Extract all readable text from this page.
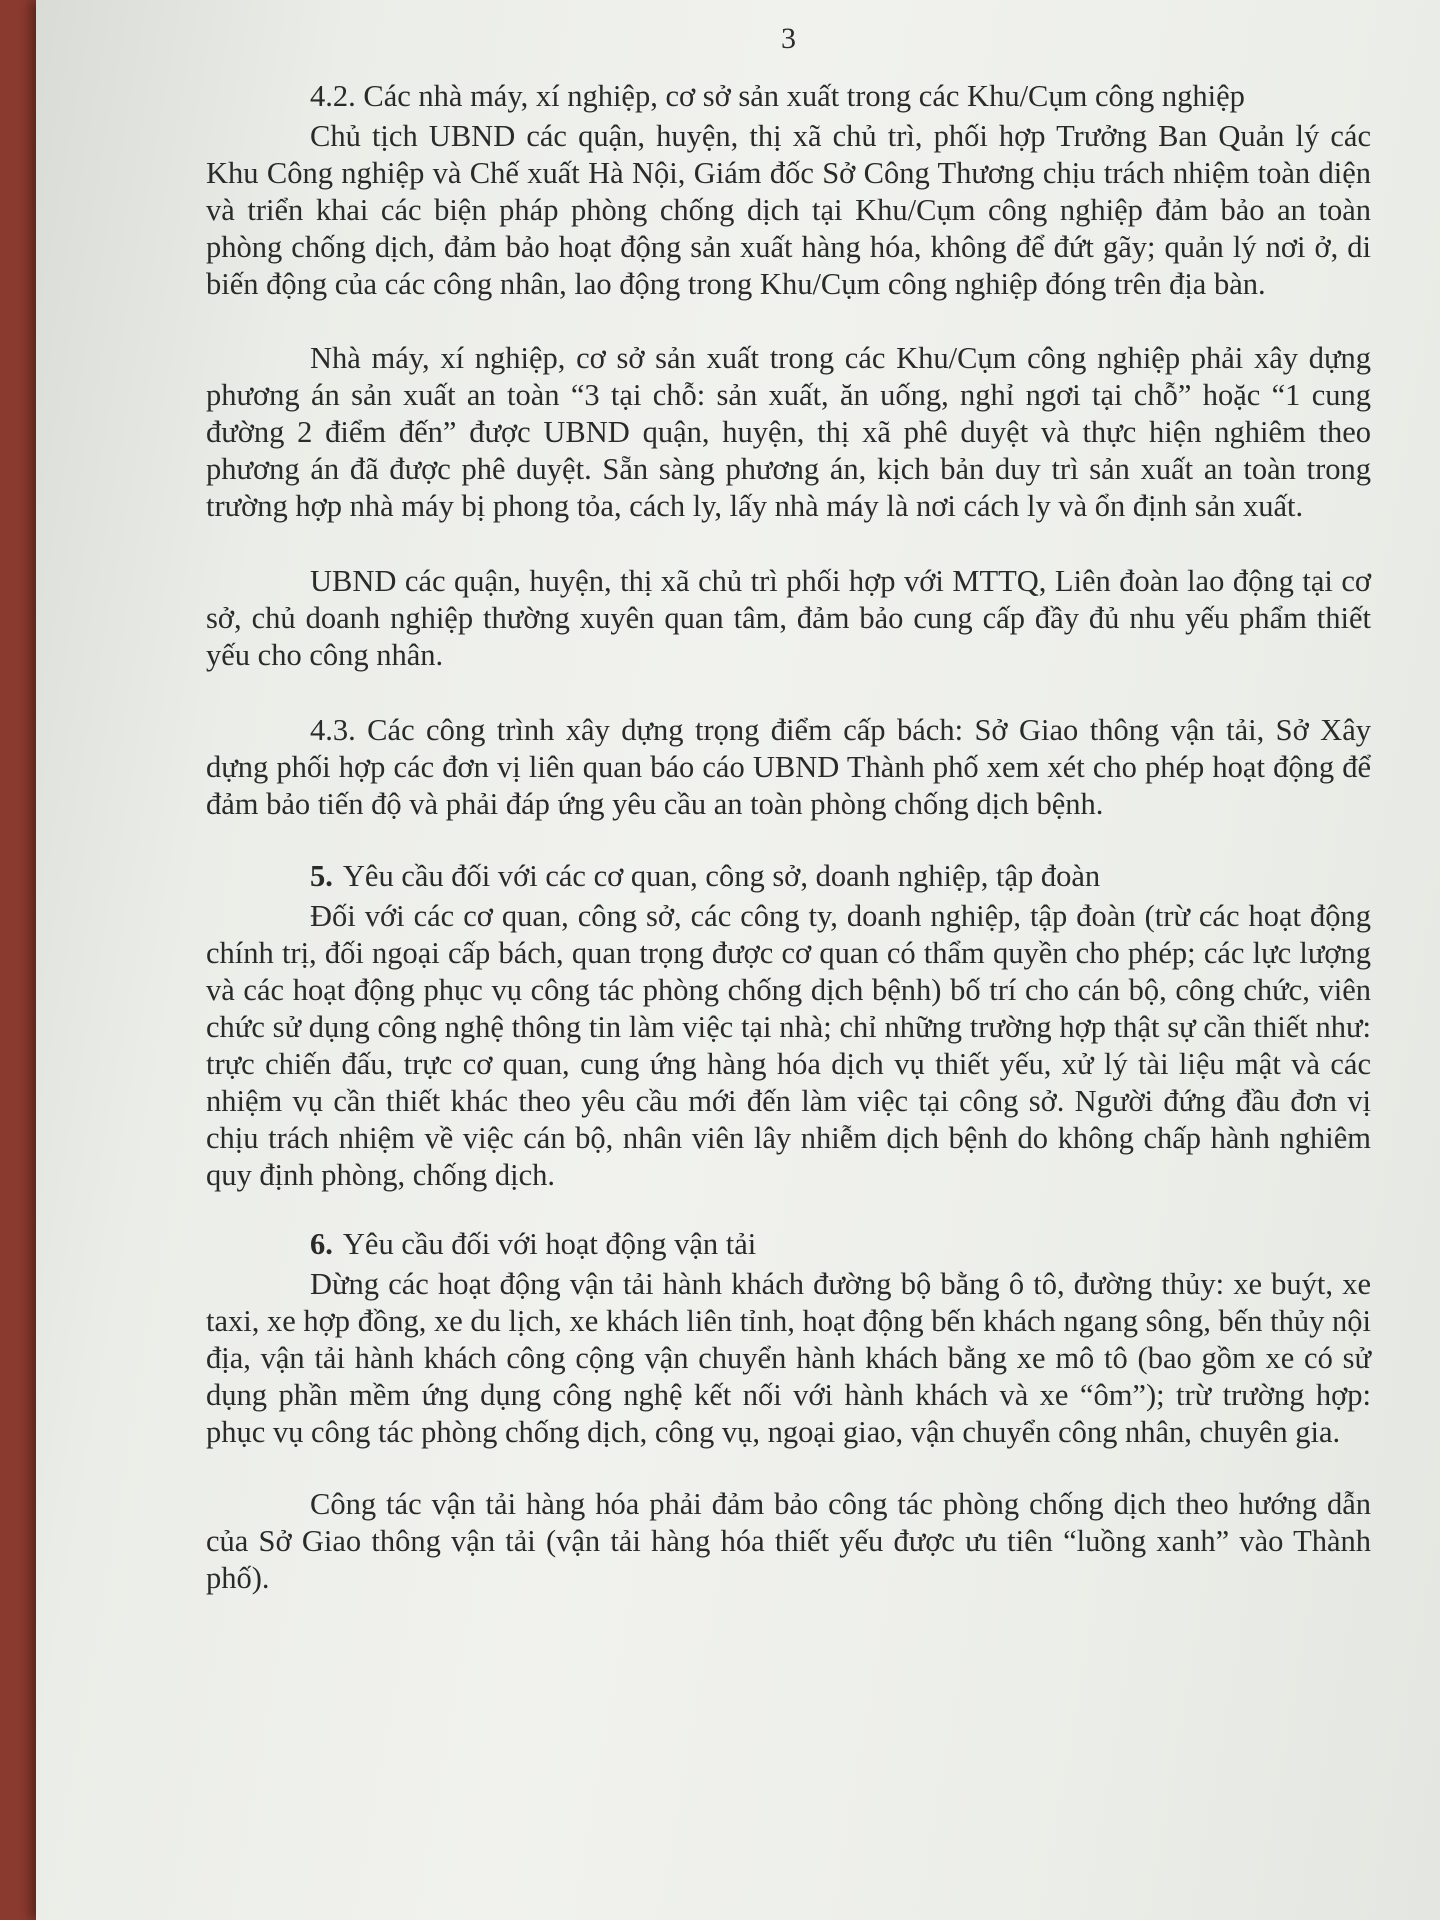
3

4.2. Các nhà máy, xí nghiệp, cơ sở sản xuất trong các Khu/Cụm công nghiệp

Chủ tịch UBND các quận, huyện, thị xã chủ trì, phối hợp Trưởng Ban Quản lý các Khu Công nghiệp và Chế xuất Hà Nội, Giám đốc Sở Công Thương chịu trách nhiệm toàn diện và triển khai các biện pháp phòng chống dịch tại Khu/Cụm công nghiệp đảm bảo an toàn phòng chống dịch, đảm bảo hoạt động sản xuất hàng hóa, không để đứt gãy; quản lý nơi ở, di biến động của các công nhân, lao động trong Khu/Cụm công nghiệp đóng trên địa bàn.

Nhà máy, xí nghiệp, cơ sở sản xuất trong các Khu/Cụm công nghiệp phải xây dựng phương án sản xuất an toàn “3 tại chỗ: sản xuất, ăn uống, nghỉ ngơi tại chỗ” hoặc “1 cung đường 2 điểm đến” được UBND quận, huyện, thị xã phê duyệt và thực hiện nghiêm theo phương án đã được phê duyệt. Sẵn sàng phương án, kịch bản duy trì sản xuất an toàn trong trường hợp nhà máy bị phong tỏa, cách ly, lấy nhà máy là nơi cách ly và ổn định sản xuất.

UBND các quận, huyện, thị xã chủ trì phối hợp với MTTQ, Liên đoàn lao động tại cơ sở, chủ doanh nghiệp thường xuyên quan tâm, đảm bảo cung cấp đầy đủ nhu yếu phẩm thiết yếu cho công nhân.

4.3. Các công trình xây dựng trọng điểm cấp bách: Sở Giao thông vận tải, Sở Xây dựng phối hợp các đơn vị liên quan báo cáo UBND Thành phố xem xét cho phép hoạt động để đảm bảo tiến độ và phải đáp ứng yêu cầu an toàn phòng chống dịch bệnh.

5. Yêu cầu đối với các cơ quan, công sở, doanh nghiệp, tập đoàn

Đối với các cơ quan, công sở, các công ty, doanh nghiệp, tập đoàn (trừ các hoạt động chính trị, đối ngoại cấp bách, quan trọng được cơ quan có thẩm quyền cho phép; các lực lượng và các hoạt động phục vụ công tác phòng chống dịch bệnh) bố trí cho cán bộ, công chức, viên chức sử dụng công nghệ thông tin làm việc tại nhà; chỉ những trường hợp thật sự cần thiết như: trực chiến đấu, trực cơ quan, cung ứng hàng hóa dịch vụ thiết yếu, xử lý tài liệu mật và các nhiệm vụ cần thiết khác theo yêu cầu mới đến làm việc tại công sở. Người đứng đầu đơn vị chịu trách nhiệm về việc cán bộ, nhân viên lây nhiễm dịch bệnh do không chấp hành nghiêm quy định phòng, chống dịch.

6. Yêu cầu đối với hoạt động vận tải

Dừng các hoạt động vận tải hành khách đường bộ bằng ô tô, đường thủy: xe buýt, xe taxi, xe hợp đồng, xe du lịch, xe khách liên tỉnh, hoạt động bến khách ngang sông, bến thủy nội địa, vận tải hành khách công cộng vận chuyển hành khách bằng xe mô tô (bao gồm xe có sử dụng phần mềm ứng dụng công nghệ kết nối với hành khách và xe “ôm”); trừ trường hợp: phục vụ công tác phòng chống dịch, công vụ, ngoại giao, vận chuyển công nhân, chuyên gia.

Công tác vận tải hàng hóa phải đảm bảo công tác phòng chống dịch theo hướng dẫn của Sở Giao thông vận tải (vận tải hàng hóa thiết yếu được ưu tiên “luồng xanh” vào Thành phố).
